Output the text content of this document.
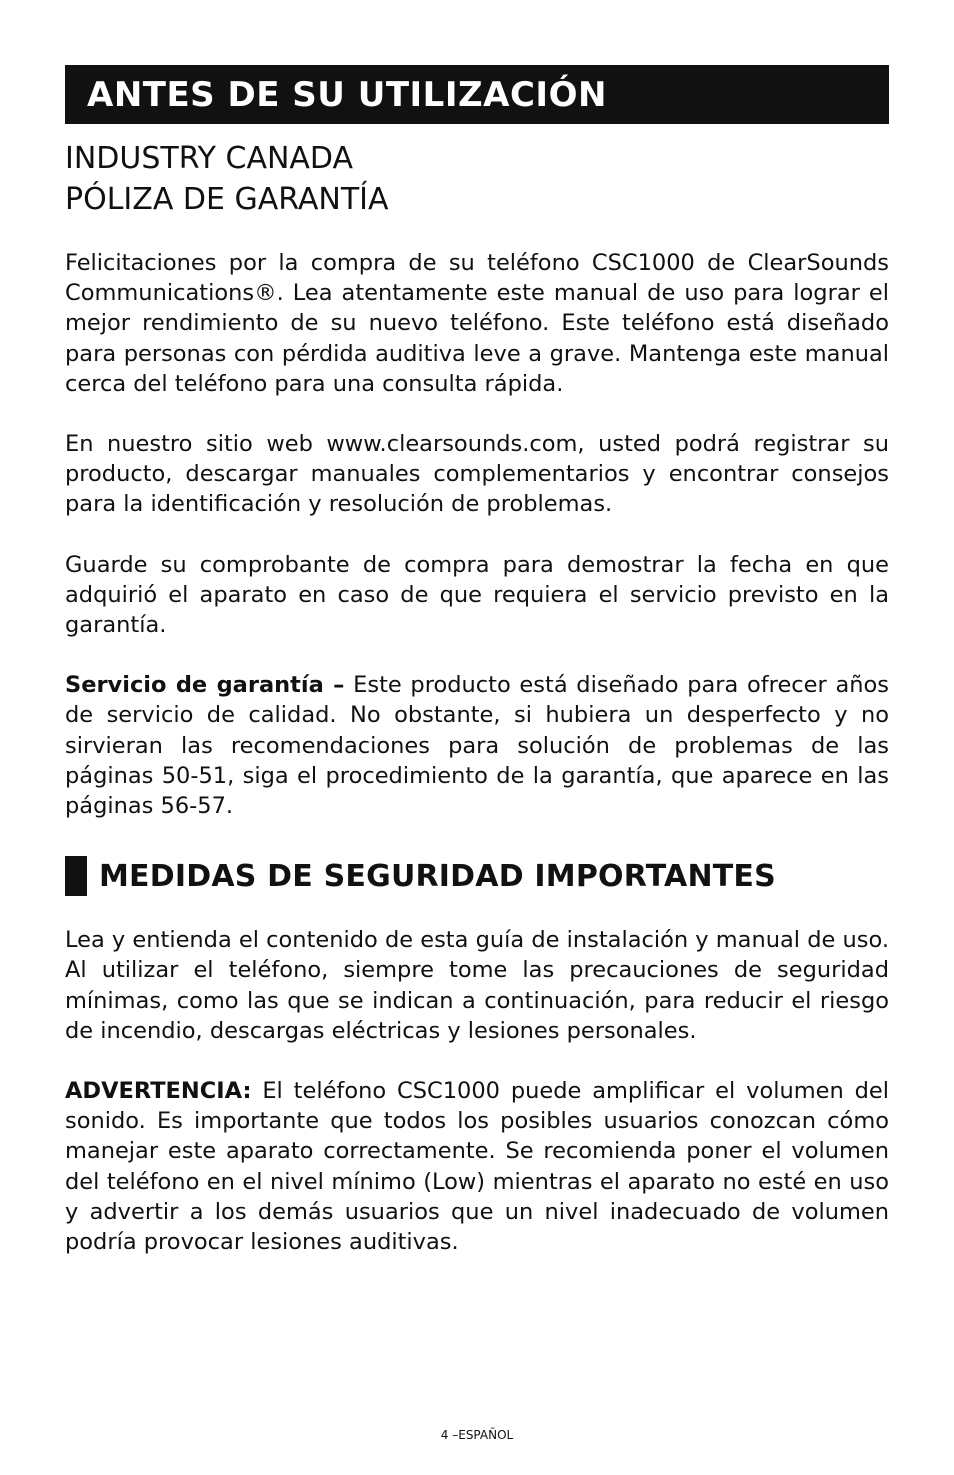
ANTES DE SU UTILIZACIÓN
INDUSTRY CANADA
PÓLIZA DE GARANTÍA

Felicitaciones por la compra de su teléfono CSC1000 de ClearSounds Communications®. Lea atentamente este manual de uso para lograr el mejor rendimiento de su nuevo teléfono. Este teléfono está diseñado para personas con pérdida auditiva leve a grave. Mantenga este manual cerca del teléfono para una consulta rápida.

En nuestro sitio web www.clearsounds.com, usted podrá registrar su producto, descargar manuales complementarios y encontrar consejos para la identificación y resolución de problemas.

Guarde su comprobante de compra para demostrar la fecha en que adquirió el aparato en caso de que requiera el servicio previsto en la garantía.

Servicio de garantía – Este producto está diseñado para ofrecer años de servicio de calidad. No obstante, si hubiera un desperfecto y no sirvieran las recomendaciones para solución de problemas de las páginas 50-51, siga el procedimiento de la garantía, que aparece en las páginas 56-57.

MEDIDAS DE SEGURIDAD IMPORTANTES

Lea y entienda el contenido de esta guía de instalación y manual de uso. Al utilizar el teléfono, siempre tome las precauciones de seguridad mínimas, como las que se indican a continuación, para reducir el riesgo de incendio, descargas eléctricas y lesiones personales.

ADVERTENCIA: El teléfono CSC1000 puede amplificar el volumen del sonido. Es importante que todos los posibles usuarios conozcan cómo manejar este aparato correctamente. Se recomienda poner el volumen del teléfono en el nivel mínimo (Low) mientras el aparato no esté en uso y advertir a los demás usuarios que un nivel inadecuado de volumen podría provocar lesiones auditivas.

4 –ESPAÑOL
